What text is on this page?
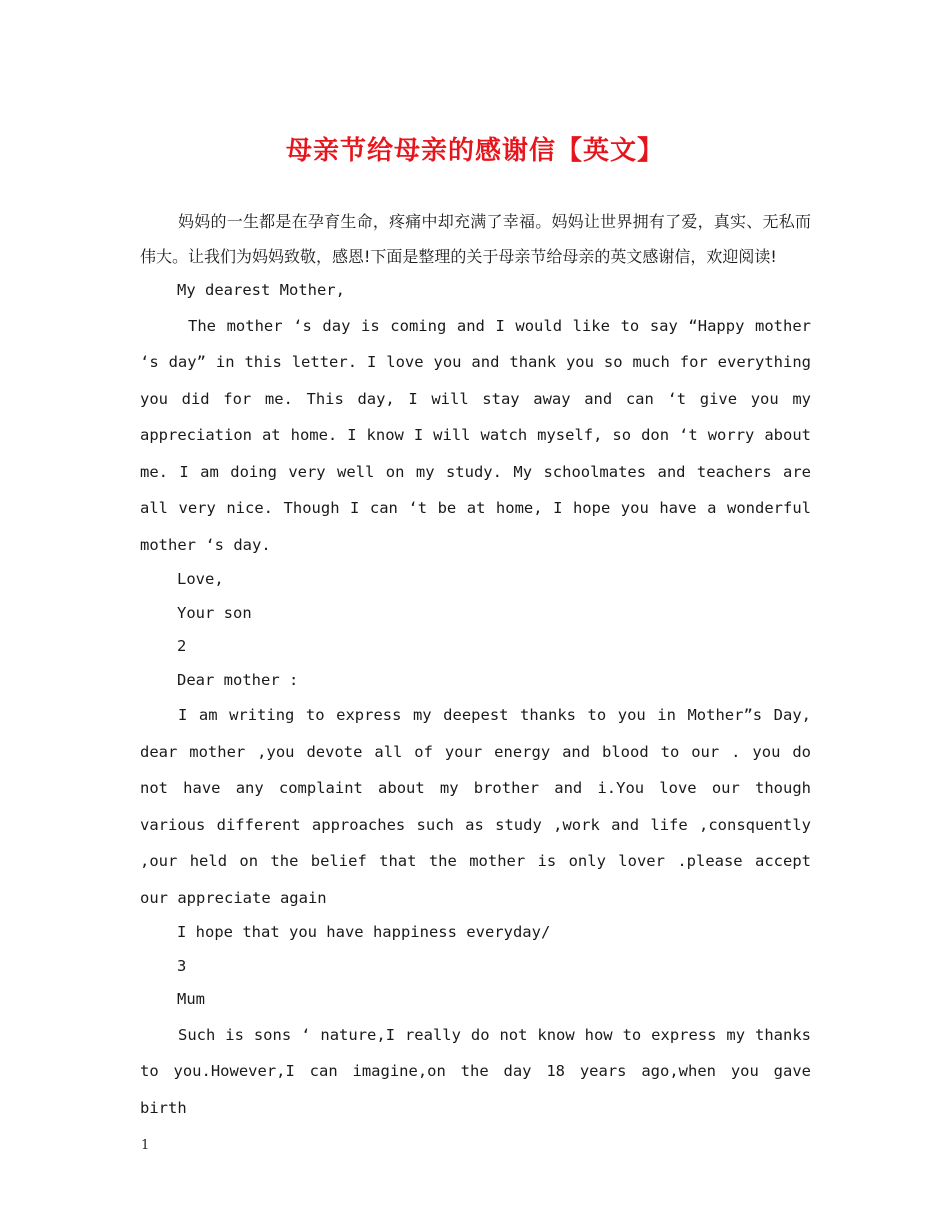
母亲节给母亲的感谢信【英文】

妈妈的一生都是在孕育生命，疼痛中却充满了幸福。妈妈让世界拥有了爱，真实、无私而伟大。让我们为妈妈致敬，感恩!下面是整理的关于母亲节给母亲的英文感谢信，欢迎阅读!

My dearest Mother,

The mother ‘s day is coming and I would like to say “Happy mother ‘s day” in this letter. I love you and thank you so much for everything you did for me. This day, I will stay away and can ‘t give you my appreciation at home. I know I will watch myself, so don ‘t worry about me. I am doing very well on my study. My schoolmates and teachers are all very nice. Though I can ‘t be at home, I hope you have a wonderful mother ‘s day.

Love,
Your son
2
Dear mother :

I am writing to express my deepest thanks to you in Mother”s Day, dear mother ,you devote all of your energy and blood to our . you do not have any complaint about my brother and i.You love our though various different approaches such as study ,work and life ,consquently ,our held on the belief that the mother is only lover .please accept our appreciate again

I hope that you have happiness everyday/
3
Mum

Such is sons ‘ nature,I really do not know how to express my thanks to you.However,I can imagine,on the day 18 years ago,when you gave birth

1
